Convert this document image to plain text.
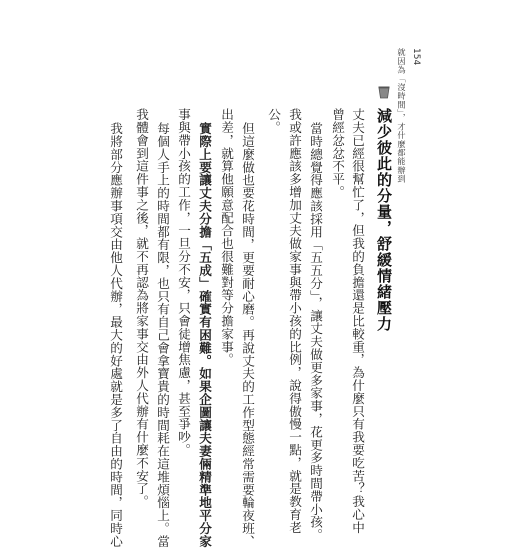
154
就因為「沒時間」，才什麼都能辦到
減少彼此的分量，舒緩情緒壓力
丈夫已經很幫忙了，但我的負擔還是比較重，為什麼只有我要吃苦？我心中
曾經忿忿不平。
當時總覺得應該採用「五五分」，讓丈夫做更多家事，花更多時間帶小孩。
我或許應該多增加丈夫做家事與帶小孩的比例，說得傲慢一點，就是教育老
公。
但這麼做也要花時間，更要耐心磨。再說丈夫的工作型態經常需要輪夜班、
出差，就算他願意配合也很難對等分擔家事。
實際上要讓丈夫分擔「五成」確實有困難。如果企圖讓夫妻倆精準地平分家
事與帶小孩的工作，一旦分不安，只會徒增焦慮，甚至爭吵。
每個人手上的時間都有限，也只有自己會拿寶貴的時間耗在這堆煩惱上。當
我體會到這件事之後，就不再認為將家事交由外人代辦有什麼不安了。
我將部分應辦事項交由他人代辦，最大的好處就是多了自由的時間，同時心
